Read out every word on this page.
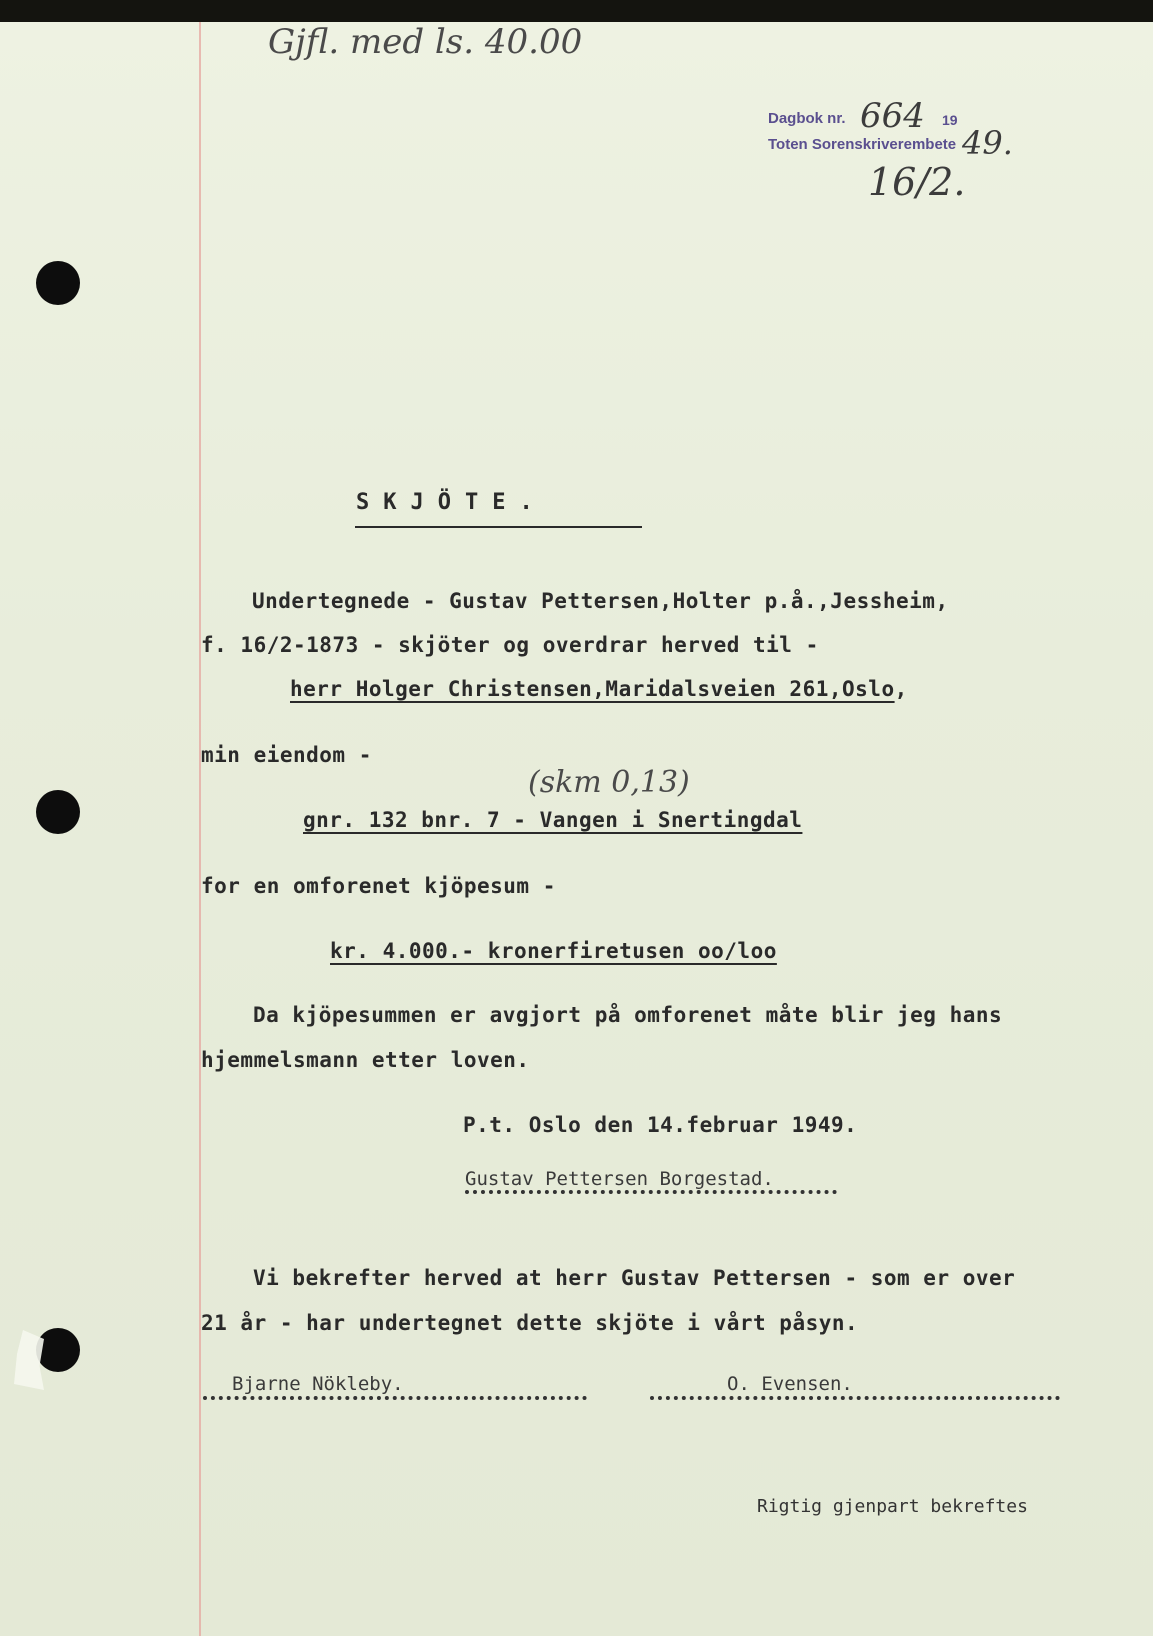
Gjfl. med ls. 40.00
Dagbok nr. 664 19
49.
Toten Sorenskriverembete
16/2.
SKJÖTE.
Undertegnede - Gustav Pettersen,Holter p.å.,Jessheim,
f. 16/2-1873 - skjöter og overdrar herved til -
herr Holger Christensen,Maridalsveien 261,Oslo,
min eiendom -
(skm 0,13)
gnr. 132 bnr. 7 - Vangen i Snertingdal
for en omforenet kjöpesum -
kr. 4.000.- kronerfiretusen oo/loo
Da kjöpesummen er avgjort på omforenet måte blir jeg hans
hjemmelsmann etter loven.
P.t. Oslo den 14.februar 1949.
Gustav Pettersen Borgestad.
Vi bekrefter herved at herr Gustav Pettersen - som er over
21 år - har undertegnet dette skjöte i vårt påsyn.
Bjarne Nökleby.	O. Evensen.
Rigtig gjenpart bekreftes
